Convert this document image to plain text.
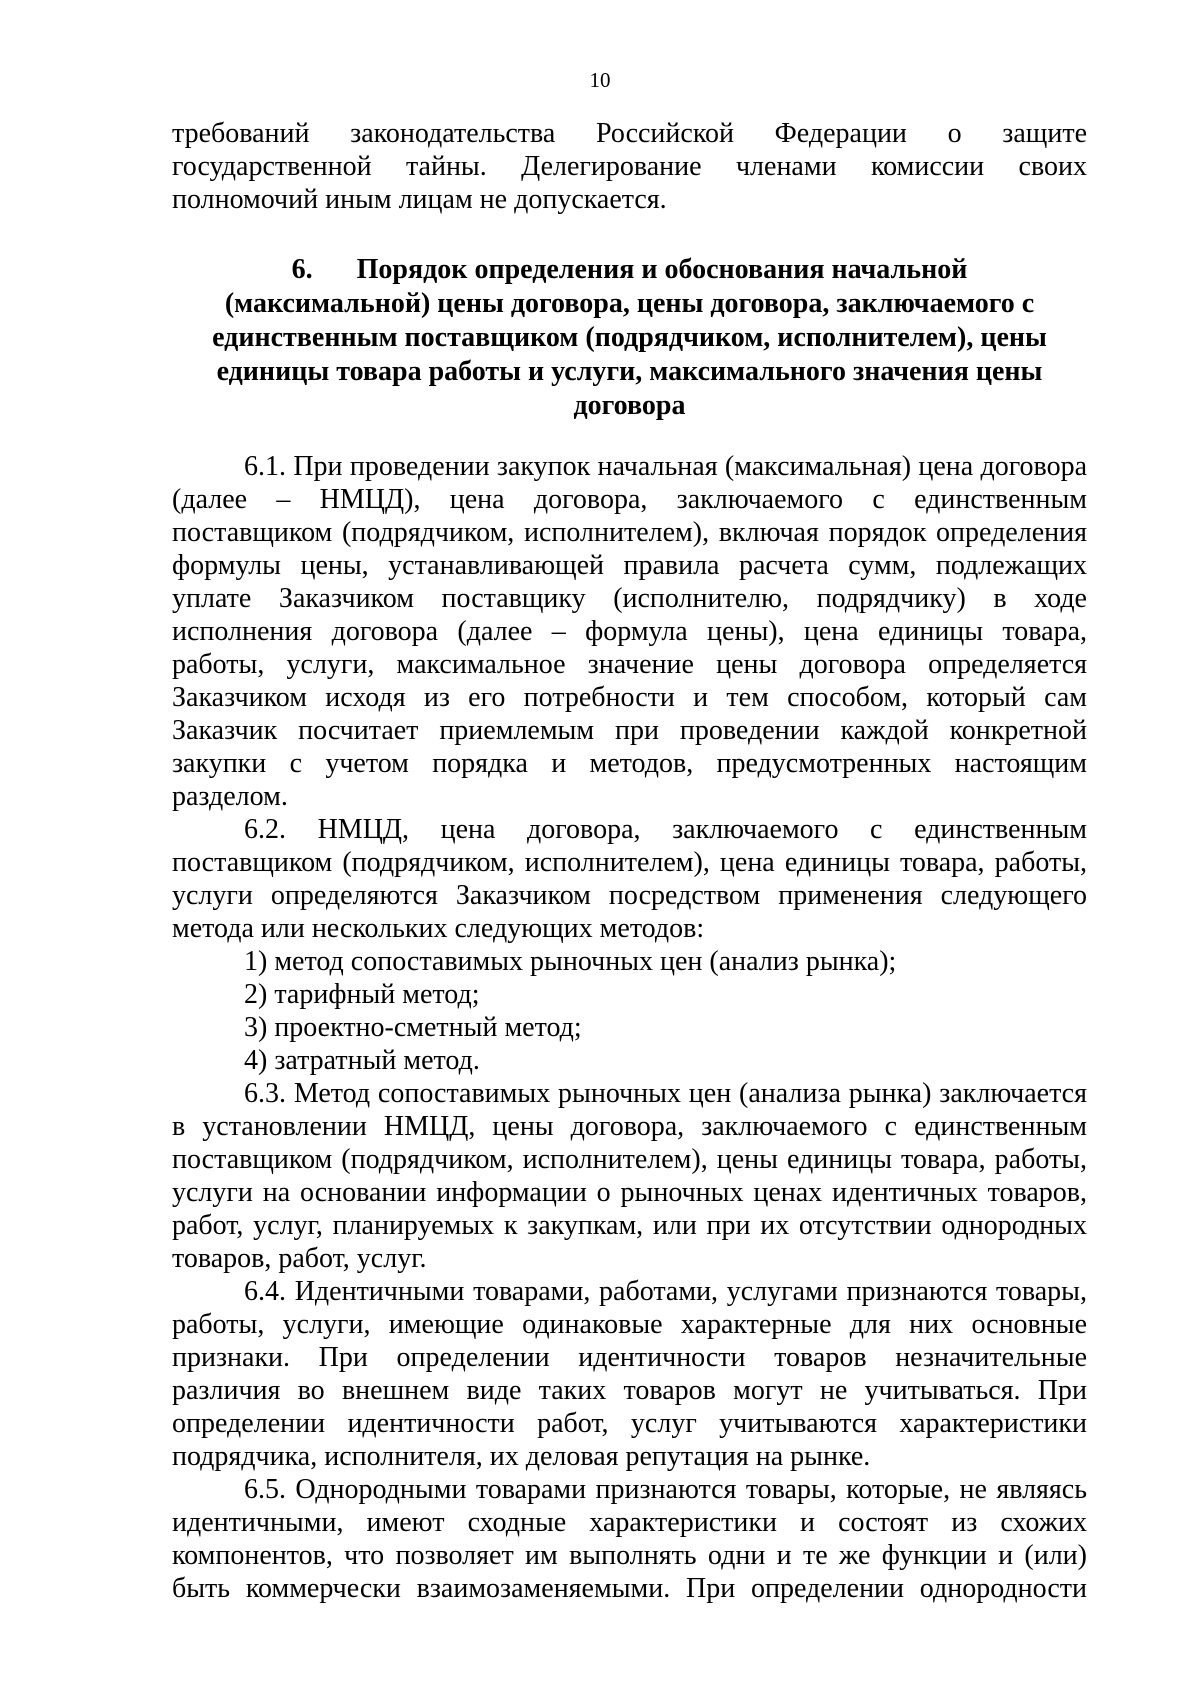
10

требований законодательства Российской Федерации о защите государственной тайны. Делегирование членами комиссии своих полномочий иным лицам не допускается.

6. Порядок определения и обоснования начальной (максимальной) цены договора, цены договора, заключаемого с единственным поставщиком (подрядчиком, исполнителем), цены единицы товара работы и услуги, максимального значения цены договора

6.1. При проведении закупок начальная (максимальная) цена договора (далее – НМЦД), цена договора, заключаемого с единственным поставщиком (подрядчиком, исполнителем), включая порядок определения формулы цены, устанавливающей правила расчета сумм, подлежащих уплате Заказчиком поставщику (исполнителю, подрядчику) в ходе исполнения договора (далее – формула цены), цена единицы товара, работы, услуги, максимальное значение цены договора определяется Заказчиком исходя из его потребности и тем способом, который сам Заказчик посчитает приемлемым при проведении каждой конкретной закупки с учетом порядка и методов, предусмотренных настоящим разделом.

6.2. НМЦД, цена договора, заключаемого с единственным поставщиком (подрядчиком, исполнителем), цена единицы товара, работы, услуги определяются Заказчиком посредством применения следующего метода или нескольких следующих методов:

1) метод сопоставимых рыночных цен (анализ рынка);

2) тарифный метод;

3) проектно-сметный метод;

4) затратный метод.

6.3. Метод сопоставимых рыночных цен (анализа рынка) заключается в установлении НМЦД, цены договора, заключаемого с единственным поставщиком (подрядчиком, исполнителем), цены единицы товара, работы, услуги на основании информации о рыночных ценах идентичных товаров, работ, услуг, планируемых к закупкам, или при их отсутствии однородных товаров, работ, услуг.

6.4. Идентичными товарами, работами, услугами признаются товары, работы, услуги, имеющие одинаковые характерные для них основные признаки. При определении идентичности товаров незначительные различия во внешнем виде таких товаров могут не учитываться. При определении идентичности работ, услуг учитываются характеристики подрядчика, исполнителя, их деловая репутация на рынке.

6.5. Однородными товарами признаются товары, которые, не являясь идентичными, имеют сходные характеристики и состоят из схожих компонентов, что позволяет им выполнять одни и те же функции и (или) быть коммерчески взаимозаменяемыми. При определении однородности
